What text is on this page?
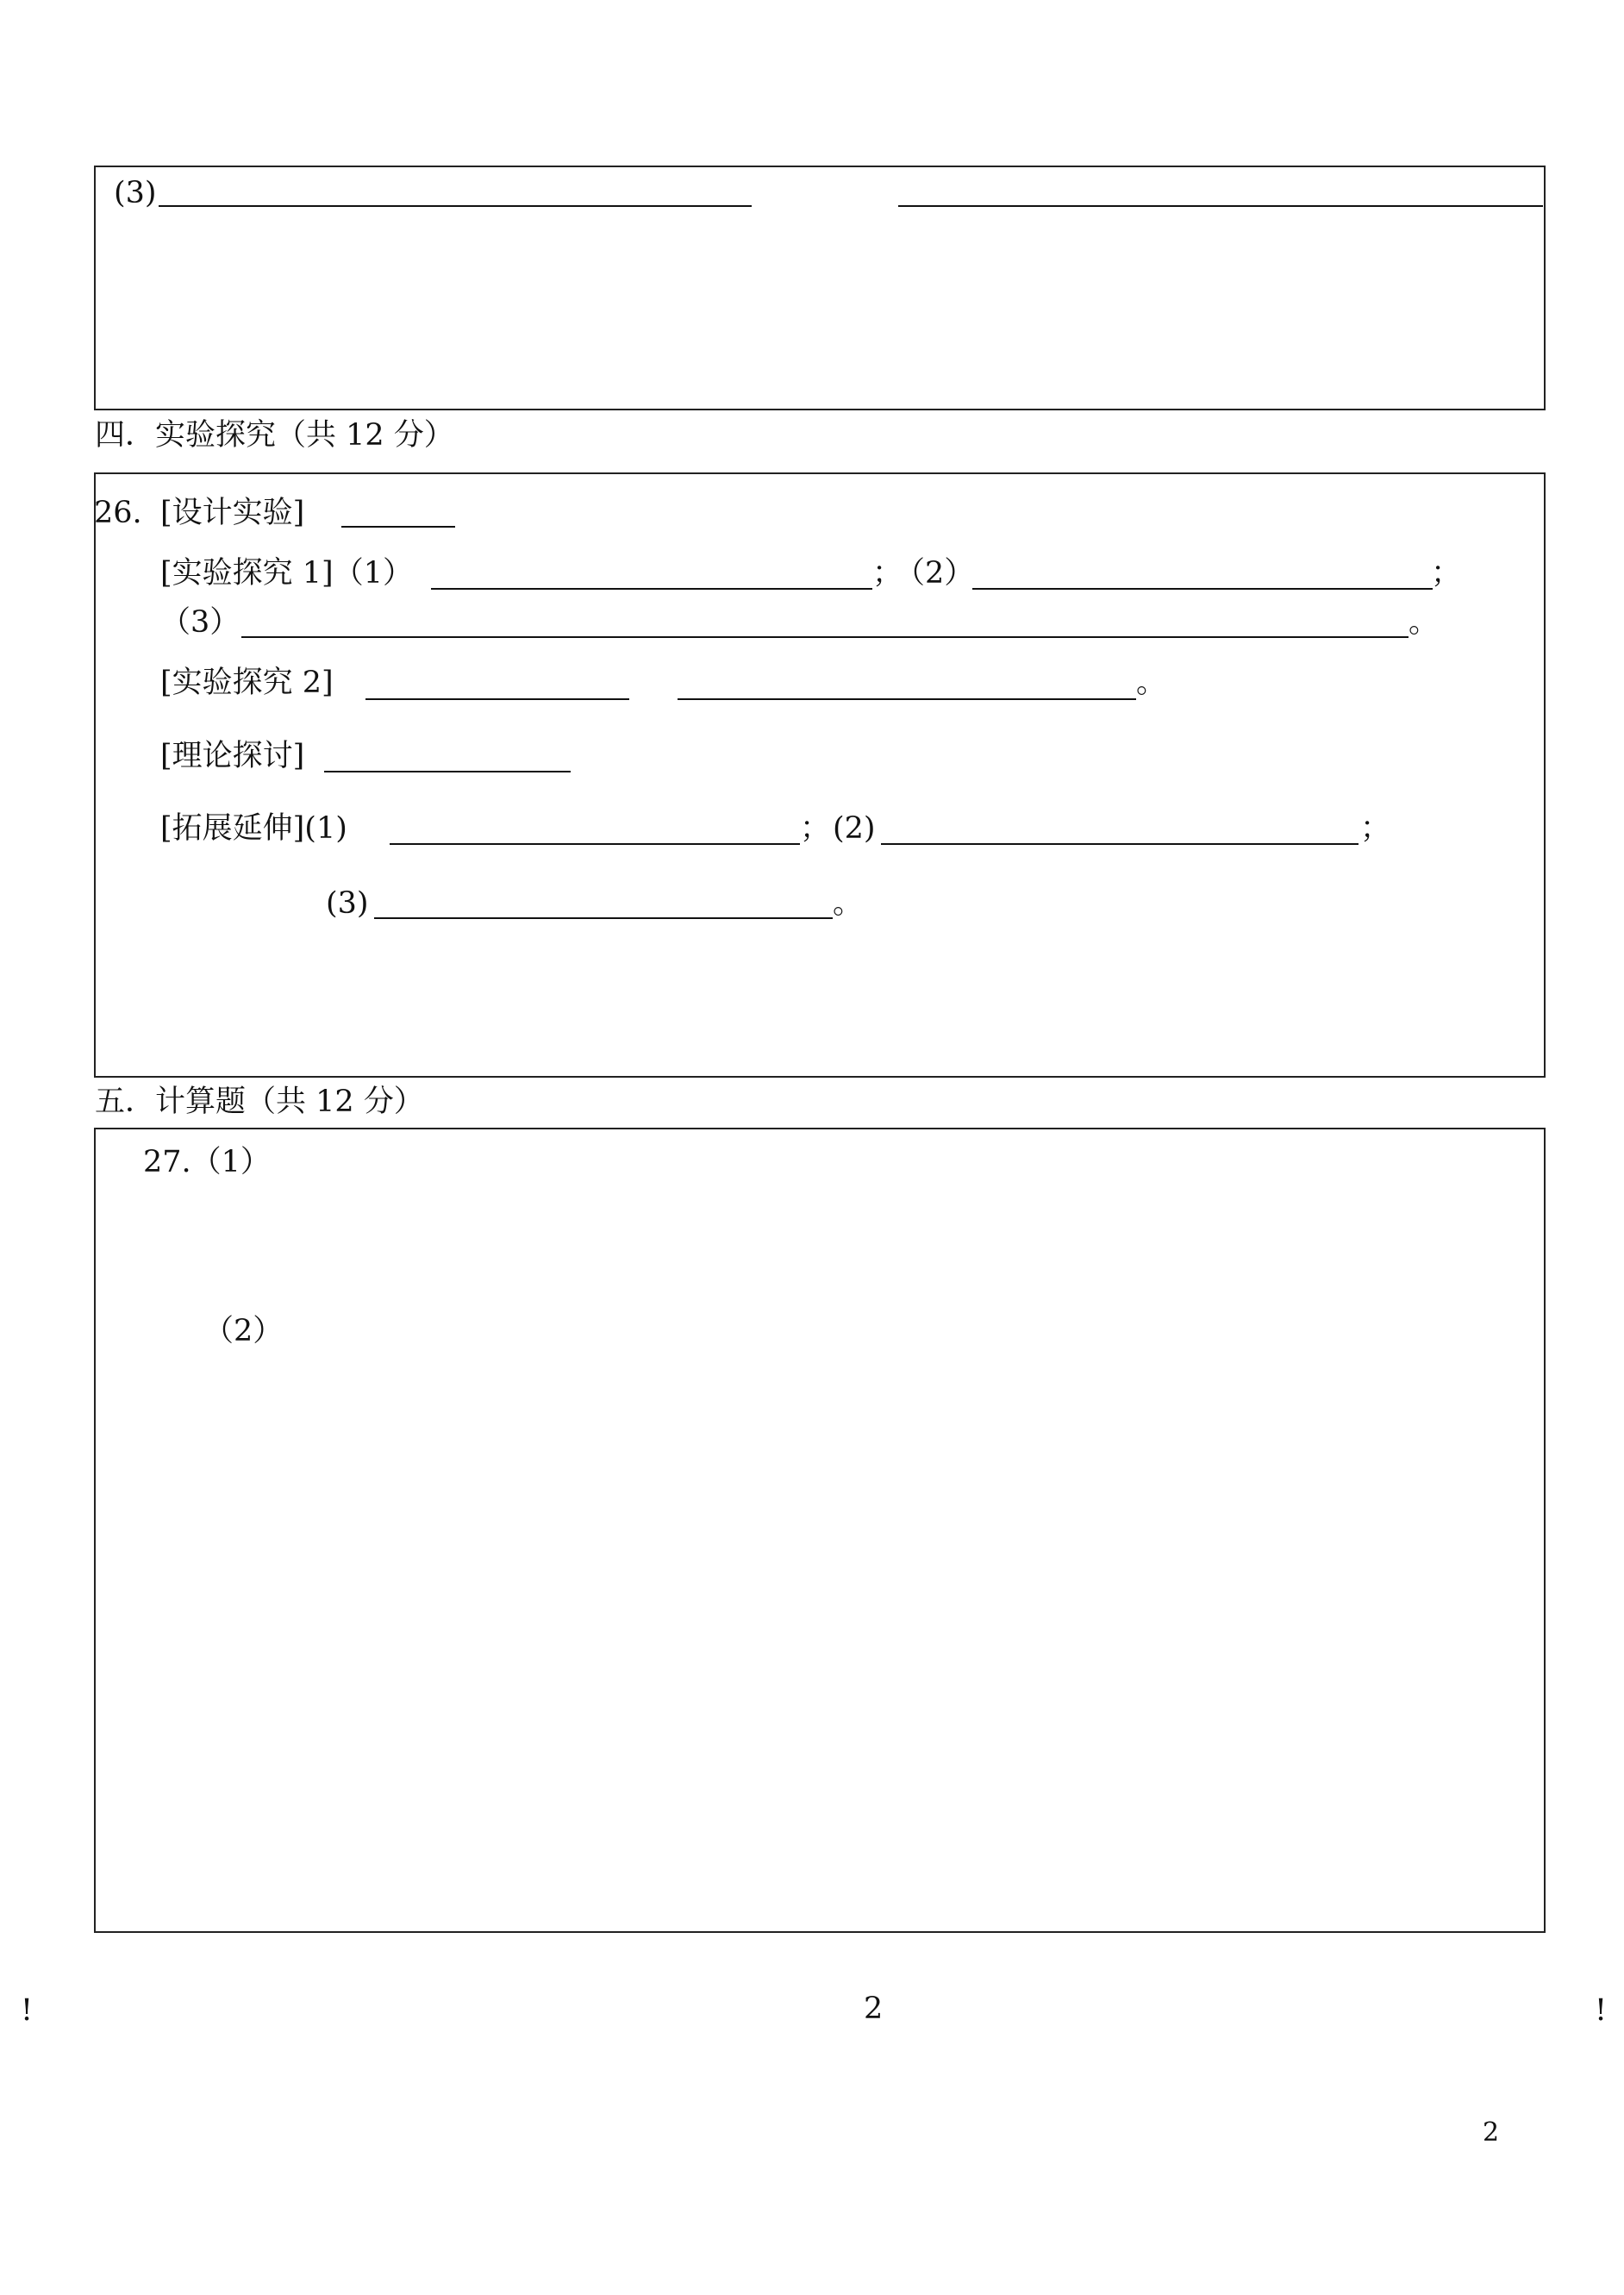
(3)
四．实验探究（共 12 分）
26. [设计实验]
[实验探究 1]（1）	；
（2）	；
（3）	。
[实验探究 2]	。
[理论探讨]
[拓展延伸](1)	； (2)	；
(3)	。
五．计算题（共 12 分）
27.（1）
（2）
!	2	!
2
